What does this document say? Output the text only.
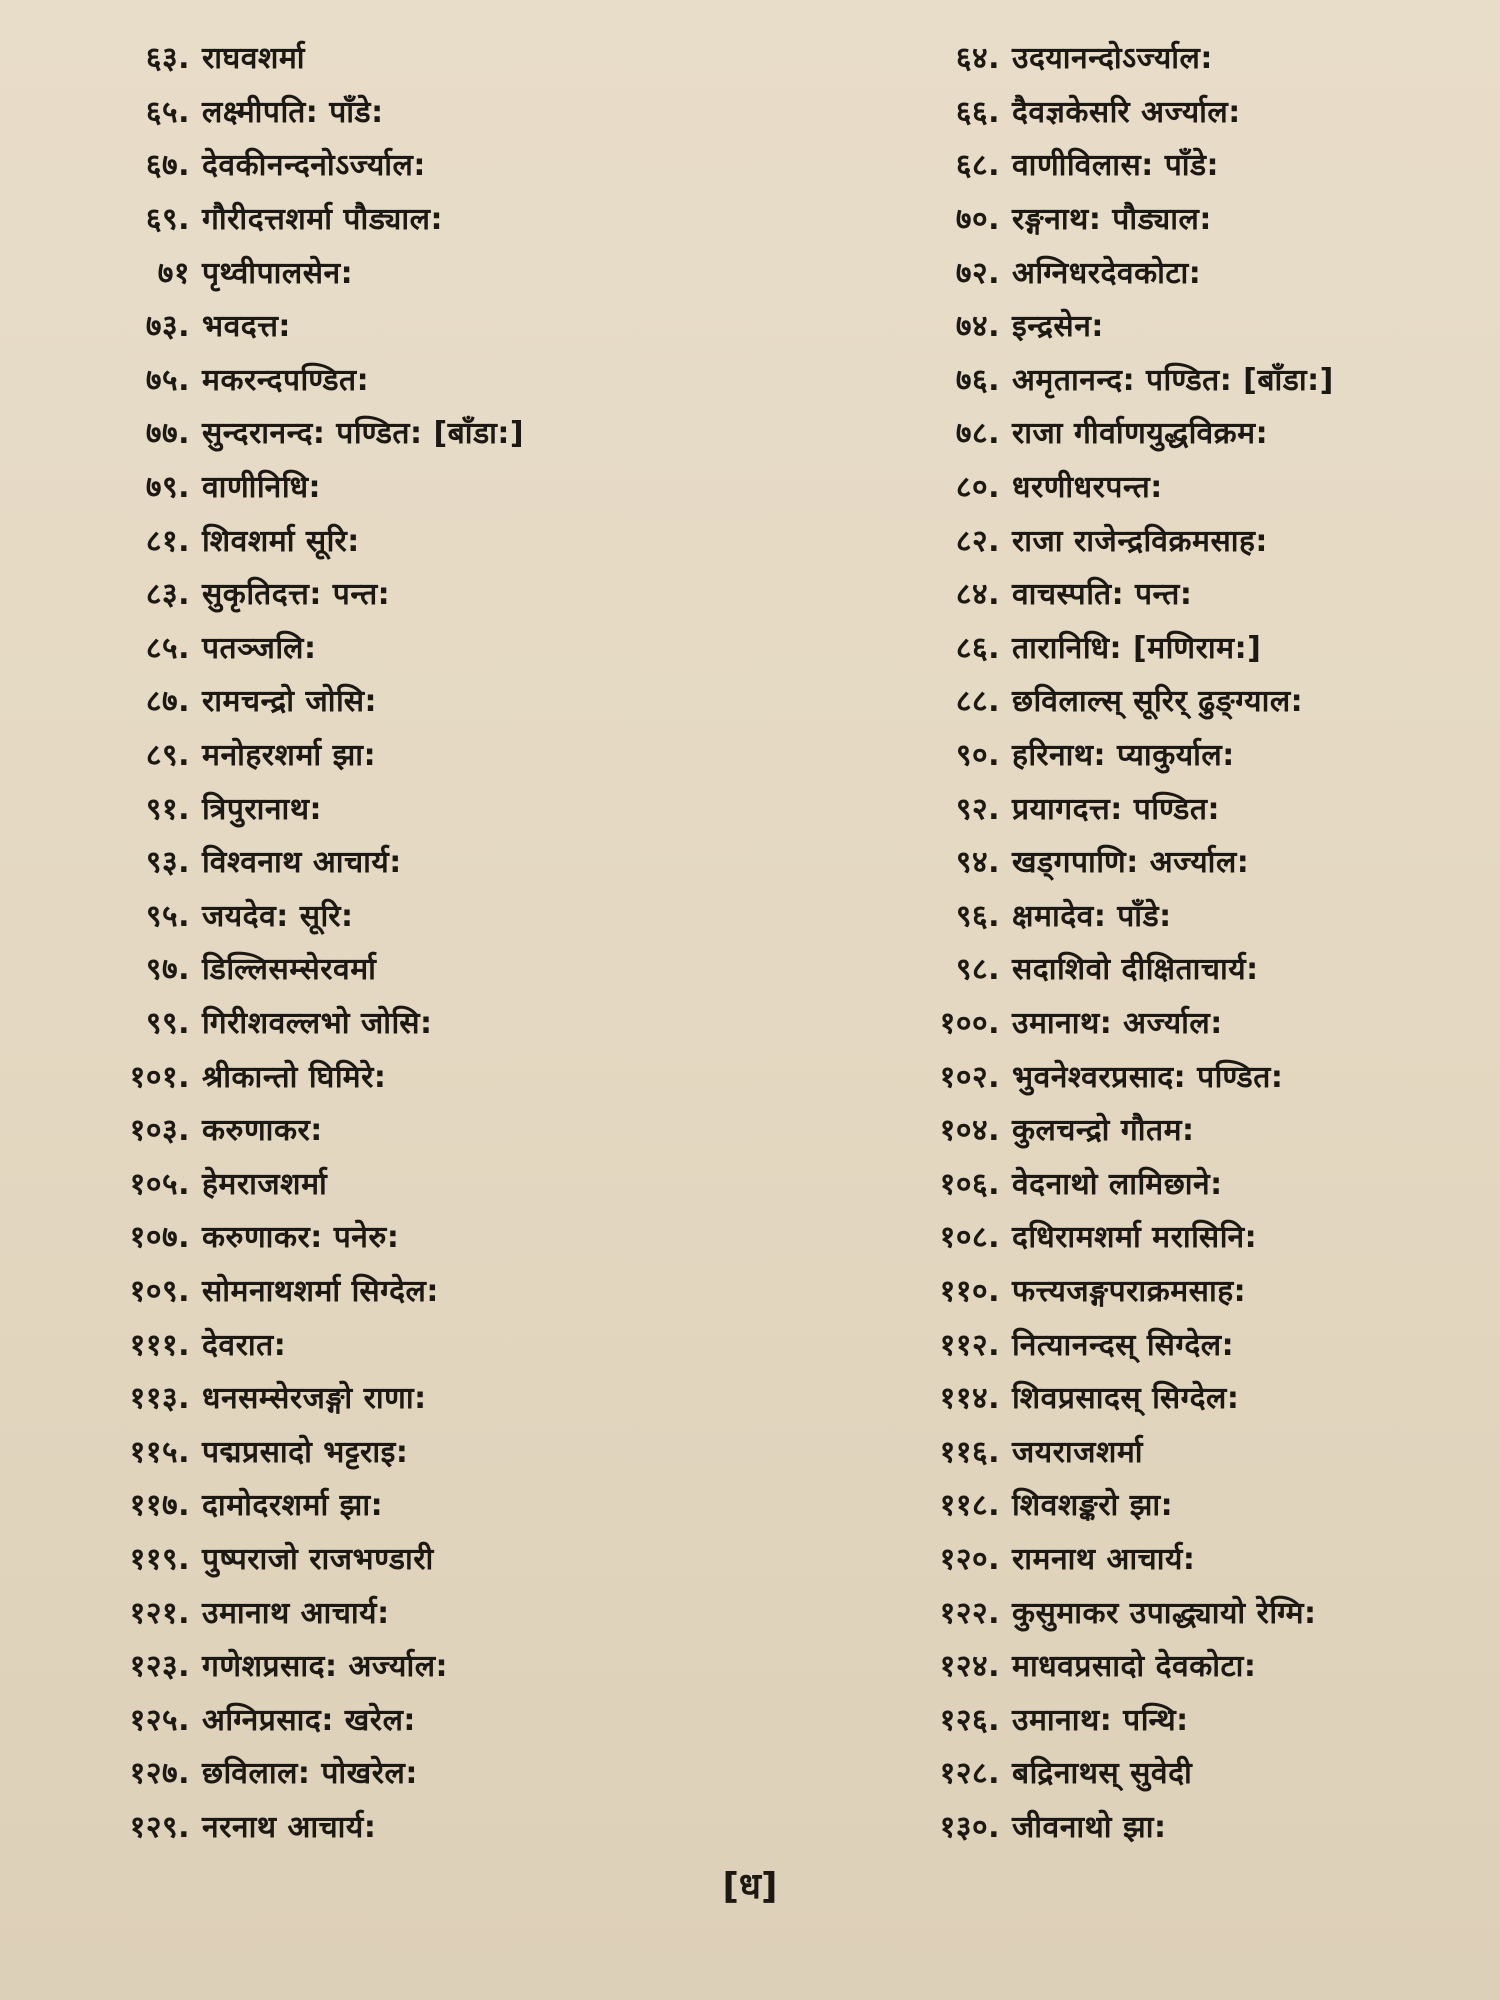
६३. राघवशर्मा	६४. उदयानन्दोऽर्ज्याल:
६५. लक्ष्मीपति: पाँडे:	६६. दैवज्ञकेसरि अर्ज्याल:
६७. देवकीनन्दनोऽर्ज्याल:	६८. वाणीविलास: पाँडे:
६९. गौरीदत्तशर्मा पौड्याल:	७०. रङ्गनाथ: पौड्याल:
७१ पृथ्वीपालसेन:	७२. अग्निधरदेवकोटा:
७३. भवदत्त:	७४. इन्द्रसेन:
७५. मकरन्दपण्डित:	७६. अमृतानन्द: पण्डित: [बाँडा:]
७७. सुन्दरानन्द: पण्डित: [बाँडा:]	७८. राजा गीर्वाणयुद्धविक्रम:
७९. वाणीनिधि:	८०. धरणीधरपन्त:
८१. शिवशर्मा सूरि:	८२. राजा राजेन्द्रविक्रमसाह:
८३. सुकृतिदत्त: पन्त:	८४. वाचस्पति: पन्त:
८५. पतञ्जलि:	८६. तारानिधि: [मणिराम:]
८७. रामचन्द्रो जोसि:	८८. छविलाल्स् सूरिर् ढुङ्ग्याल:
८९. मनोहरशर्मा झा:	९०. हरिनाथ: प्याकुर्याल:
९१. त्रिपुरानाथ:	९२. प्रयागदत्त: पण्डित:
९३. विश्वनाथ आचार्य:	९४. खड्गपाणि: अर्ज्याल:
९५. जयदेव: सूरि:	९६. क्षमादेव: पाँडे:
९७. डिल्लिसम्सेरवर्मा	९८. सदाशिवो दीक्षिताचार्य:
९९. गिरीशवल्लभो जोसि:	१००. उमानाथ: अर्ज्याल:
१०१. श्रीकान्तो घिमिरे:	१०२. भुवनेश्वरप्रसाद: पण्डित:
१०३. करुणाकर:	१०४. कुलचन्द्रो गौतम:
१०५. हेमराजशर्मा	१०६. वेदनाथो लामिछाने:
१०७. करुणाकर: पनेरु:	१०८. दधिरामशर्मा मरासिनि:
१०९. सोमनाथशर्मा सिग्देल:	११०. फत्त्यजङ्गपराक्रमसाह:
१११. देवरात:	११२. नित्यानन्दस् सिग्देल:
११३. धनसम्सेरजङ्गो राणा:	११४. शिवप्रसादस् सिग्देल:
११५. पद्मप्रसादो भट्टराइ:	११६. जयराजशर्मा
११७. दामोदरशर्मा झा:	११८. शिवशङ्करो झा:
११९. पुष्पराजो राजभण्डारी	१२०. रामनाथ आचार्य:
१२१. उमानाथ आचार्य:	१२२. कुसुमाकर उपाद्ध्यायो रेग्मि:
१२३. गणेशप्रसाद: अर्ज्याल:	१२४. माधवप्रसादो देवकोटा:
१२५. अग्निप्रसाद: खरेल:	१२६. उमानाथ: पन्थि:
१२७. छविलाल: पोखरेल:	१२८. बद्रिनाथस् सुवेदी
१२९. नरनाथ आचार्य:	१३०. जीवनाथो झा:
[ध]
